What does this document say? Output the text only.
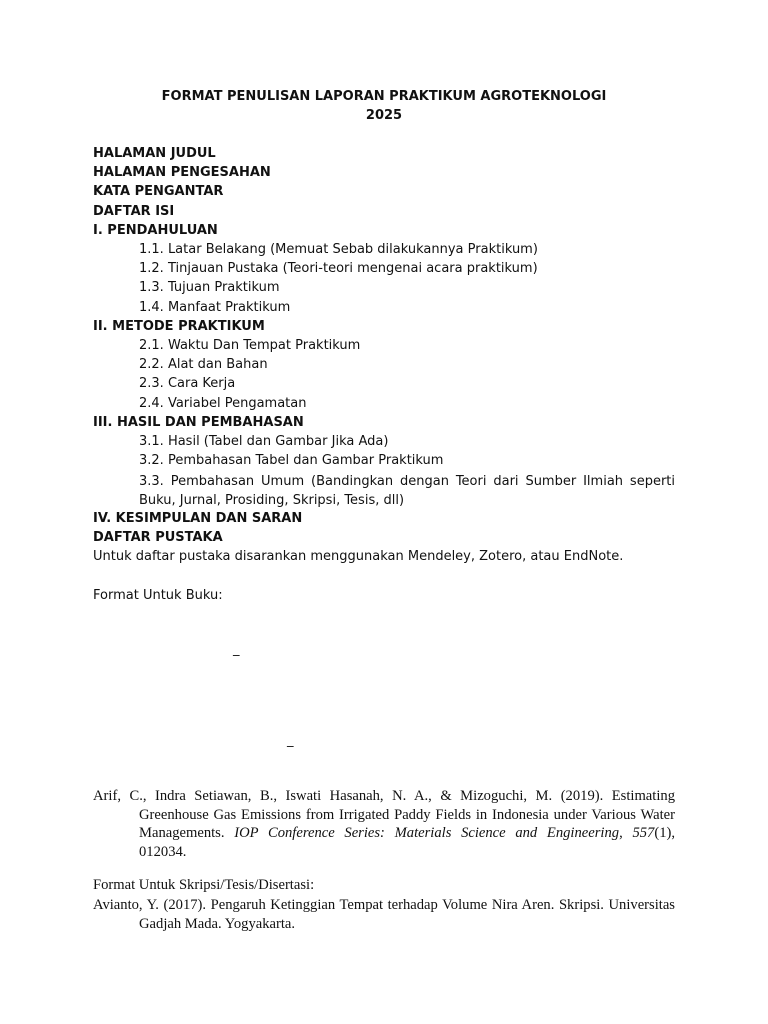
FORMAT PENULISAN LAPORAN PRAKTIKUM AGROTEKNOLOGI
2025
HALAMAN JUDUL
HALAMAN PENGESAHAN
KATA PENGANTAR
DAFTAR ISI
I. PENDAHULUAN
1.1. Latar Belakang (Memuat Sebab dilakukannya Praktikum)
1.2. Tinjauan Pustaka (Teori-teori mengenai acara praktikum)
1.3. Tujuan Praktikum
1.4. Manfaat Praktikum
II. METODE PRAKTIKUM
2.1. Waktu Dan Tempat Praktikum
2.2. Alat dan Bahan
2.3. Cara Kerja
2.4. Variabel Pengamatan
III. HASIL DAN PEMBAHASAN
3.1. Hasil (Tabel dan Gambar Jika Ada)
3.2. Pembahasan Tabel dan Gambar Praktikum
3.3. Pembahasan Umum (Bandingkan dengan Teori dari Sumber Ilmiah seperti Buku, Jurnal, Prosiding, Skripsi, Tesis, dll)
IV. KESIMPULAN DAN SARAN
DAFTAR PUSTAKA
Untuk daftar pustaka disarankan menggunakan Mendeley, Zotero, atau EndNote.
Format Untuk Buku:
_
_
Arif, C., Indra Setiawan, B., Iswati Hasanah, N. A., & Mizoguchi, M. (2019). Estimating Greenhouse Gas Emissions from Irrigated Paddy Fields in Indonesia under Various Water Managements. IOP Conference Series: Materials Science and Engineering, 557(1), 012034.
Format Untuk Skripsi/Tesis/Disertasi:
Avianto, Y. (2017). Pengaruh Ketinggian Tempat terhadap Volume Nira Aren. Skripsi. Universitas Gadjah Mada. Yogyakarta.
